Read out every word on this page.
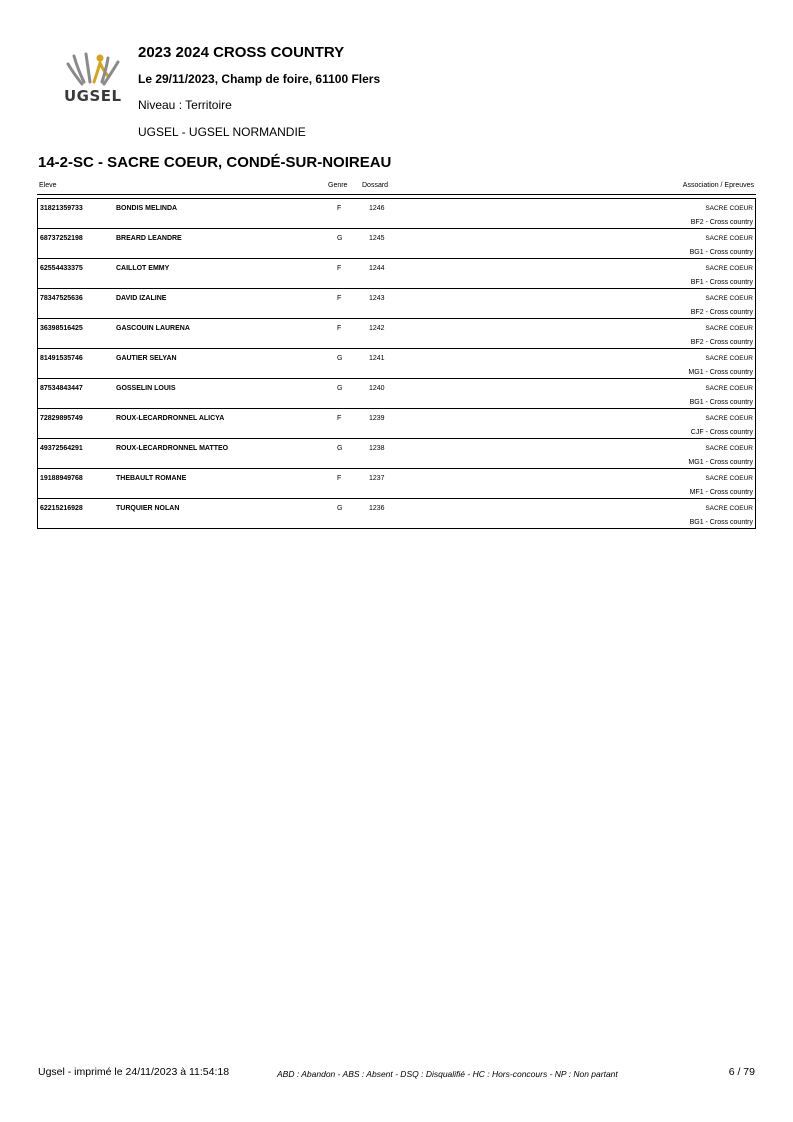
UGSEL
2023 2024 CROSS COUNTRY
Le 29/11/2023, Champ de foire, 61100 Flers
Niveau : Territoire
UGSEL - UGSEL NORMANDIE
14-2-SC - SACRE COEUR, CONDÉ-SUR-NOIREAU
Eleve	Genre Dossard	Association / Epreuves
31821359733	BONDIS MELINDA	F	1246	SACRE COEUR
BF2 - Cross country
68737252198	BREARD LEANDRE	G	1245	SACRE COEUR
BG1 - Cross country
62554433375	CAILLOT EMMY	F	1244	SACRE COEUR
BF1 - Cross country
78347525636	DAVID IZALINE	F	1243	SACRE COEUR
BF2 - Cross country
36398516425	GASCOUIN LAURENA	F	1242	SACRE COEUR
BF2 - Cross country
81491535746	GAUTIER SELYAN	G	1241	SACRE COEUR
MG1 - Cross country
87534843447	GOSSELIN LOUIS	G	1240	SACRE COEUR
BG1 - Cross country
72829895749	ROUX-LECARDRONNEL ALICYA	F	1239	SACRE COEUR
CJF - Cross country
49372564291	ROUX-LECARDRONNEL MATTEO	G	1238	SACRE COEUR
MG1 - Cross country
19188949768	THEBAULT ROMANE	F	1237	SACRE COEUR
MF1 - Cross country
62215216928	TURQUIER NOLAN	G	1236	SACRE COEUR
BG1 - Cross country
Ugsel - imprimé le 24/11/2023 à 11:54:18	ABD : Abandon - ABS : Absent - DSQ : Disqualifié - HC : Hors-concours - NP : Non partant	6 / 79
